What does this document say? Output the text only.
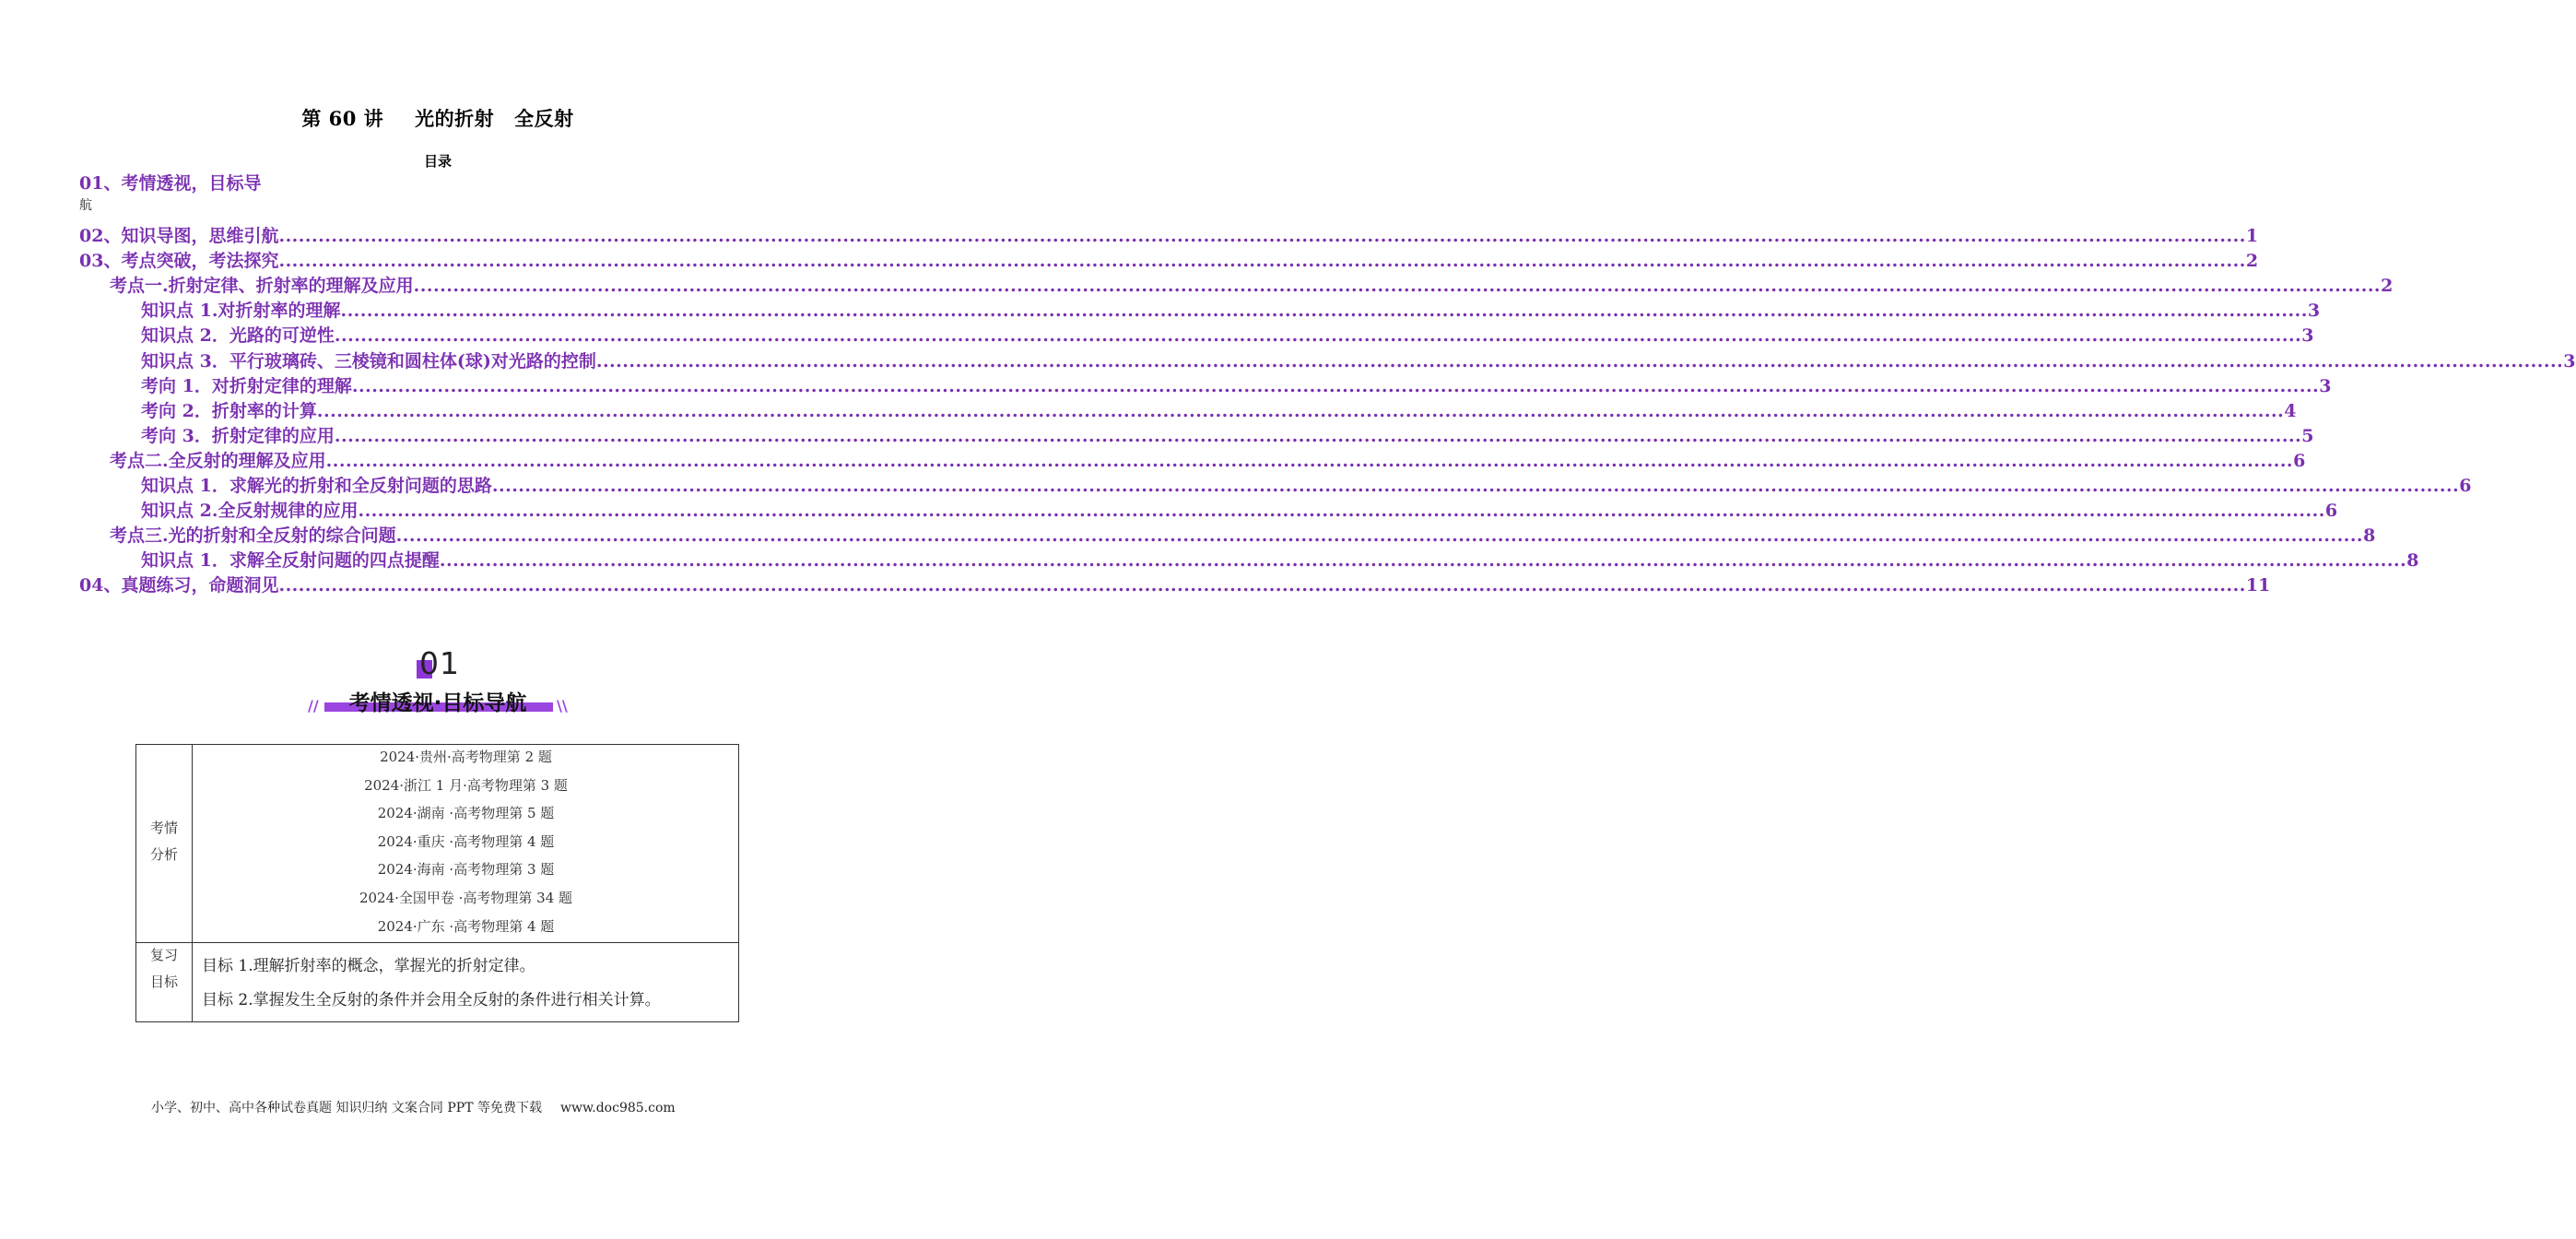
第 60 讲 光的折射 全反射
目录
01、考情透视，目标导
航
02、知识导图，思维引航 ............................................................................................................................................................................................................................................................................................................ 1
03、考点突破，考法探究 ............................................................................................................................................................................................................................................................................................................ 2
考点一.折射定律、折射率的理解及应用 ............................................................................................................................................................................................................................................................................................................ 2
知识点 1.对折射率的理解 ............................................................................................................................................................................................................................................................................................................ 3
知识点 2．光路的可逆性 ............................................................................................................................................................................................................................................................................................................ 3
知识点 3．平行玻璃砖、三棱镜和圆柱体(球)对光路的控制 ............................................................................................................................................................................................................................................................................................................ 3
考向 1．对折射定律的理解 ............................................................................................................................................................................................................................................................................................................ 3
考向 2．折射率的计算 ............................................................................................................................................................................................................................................................................................................ 4
考向 3．折射定律的应用 ............................................................................................................................................................................................................................................................................................................ 5
考点二.全反射的理解及应用 ............................................................................................................................................................................................................................................................................................................ 6
知识点 1．求解光的折射和全反射问题的思路 ............................................................................................................................................................................................................................................................................................................ 6
知识点 2.全反射规律的应用 ............................................................................................................................................................................................................................................................................................................ 6
考点三.光的折射和全反射的综合问题 ............................................................................................................................................................................................................................................................................................................ 8
知识点 1．求解全反射问题的四点提醒 ............................................................................................................................................................................................................................................................................................................ 8
04、真题练习，命题洞见 ............................................................................................................................................................................................................................................................................................................ 11
01
考情透视·目标导航
//	\\
考情
分析
2024·贵州·高考物理第 2 题
2024·浙江 1 月·高考物理第 3 题
2024·湖南 ·高考物理第 5 题
2024·重庆 ·高考物理第 4 题
2024·海南 ·高考物理第 3 题
2024·全国甲卷 ·高考物理第 34 题
2024·广东 ·高考物理第 4 题
复习
目标
目标 1.理解折射率的概念，掌握光的折射定律。
目标 2.掌握发生全反射的条件并会用全反射的条件进行相关计算。
小学、初中、高中各种试卷真题 知识归纳 文案合同 PPT 等免费下载 www.doc985.com
